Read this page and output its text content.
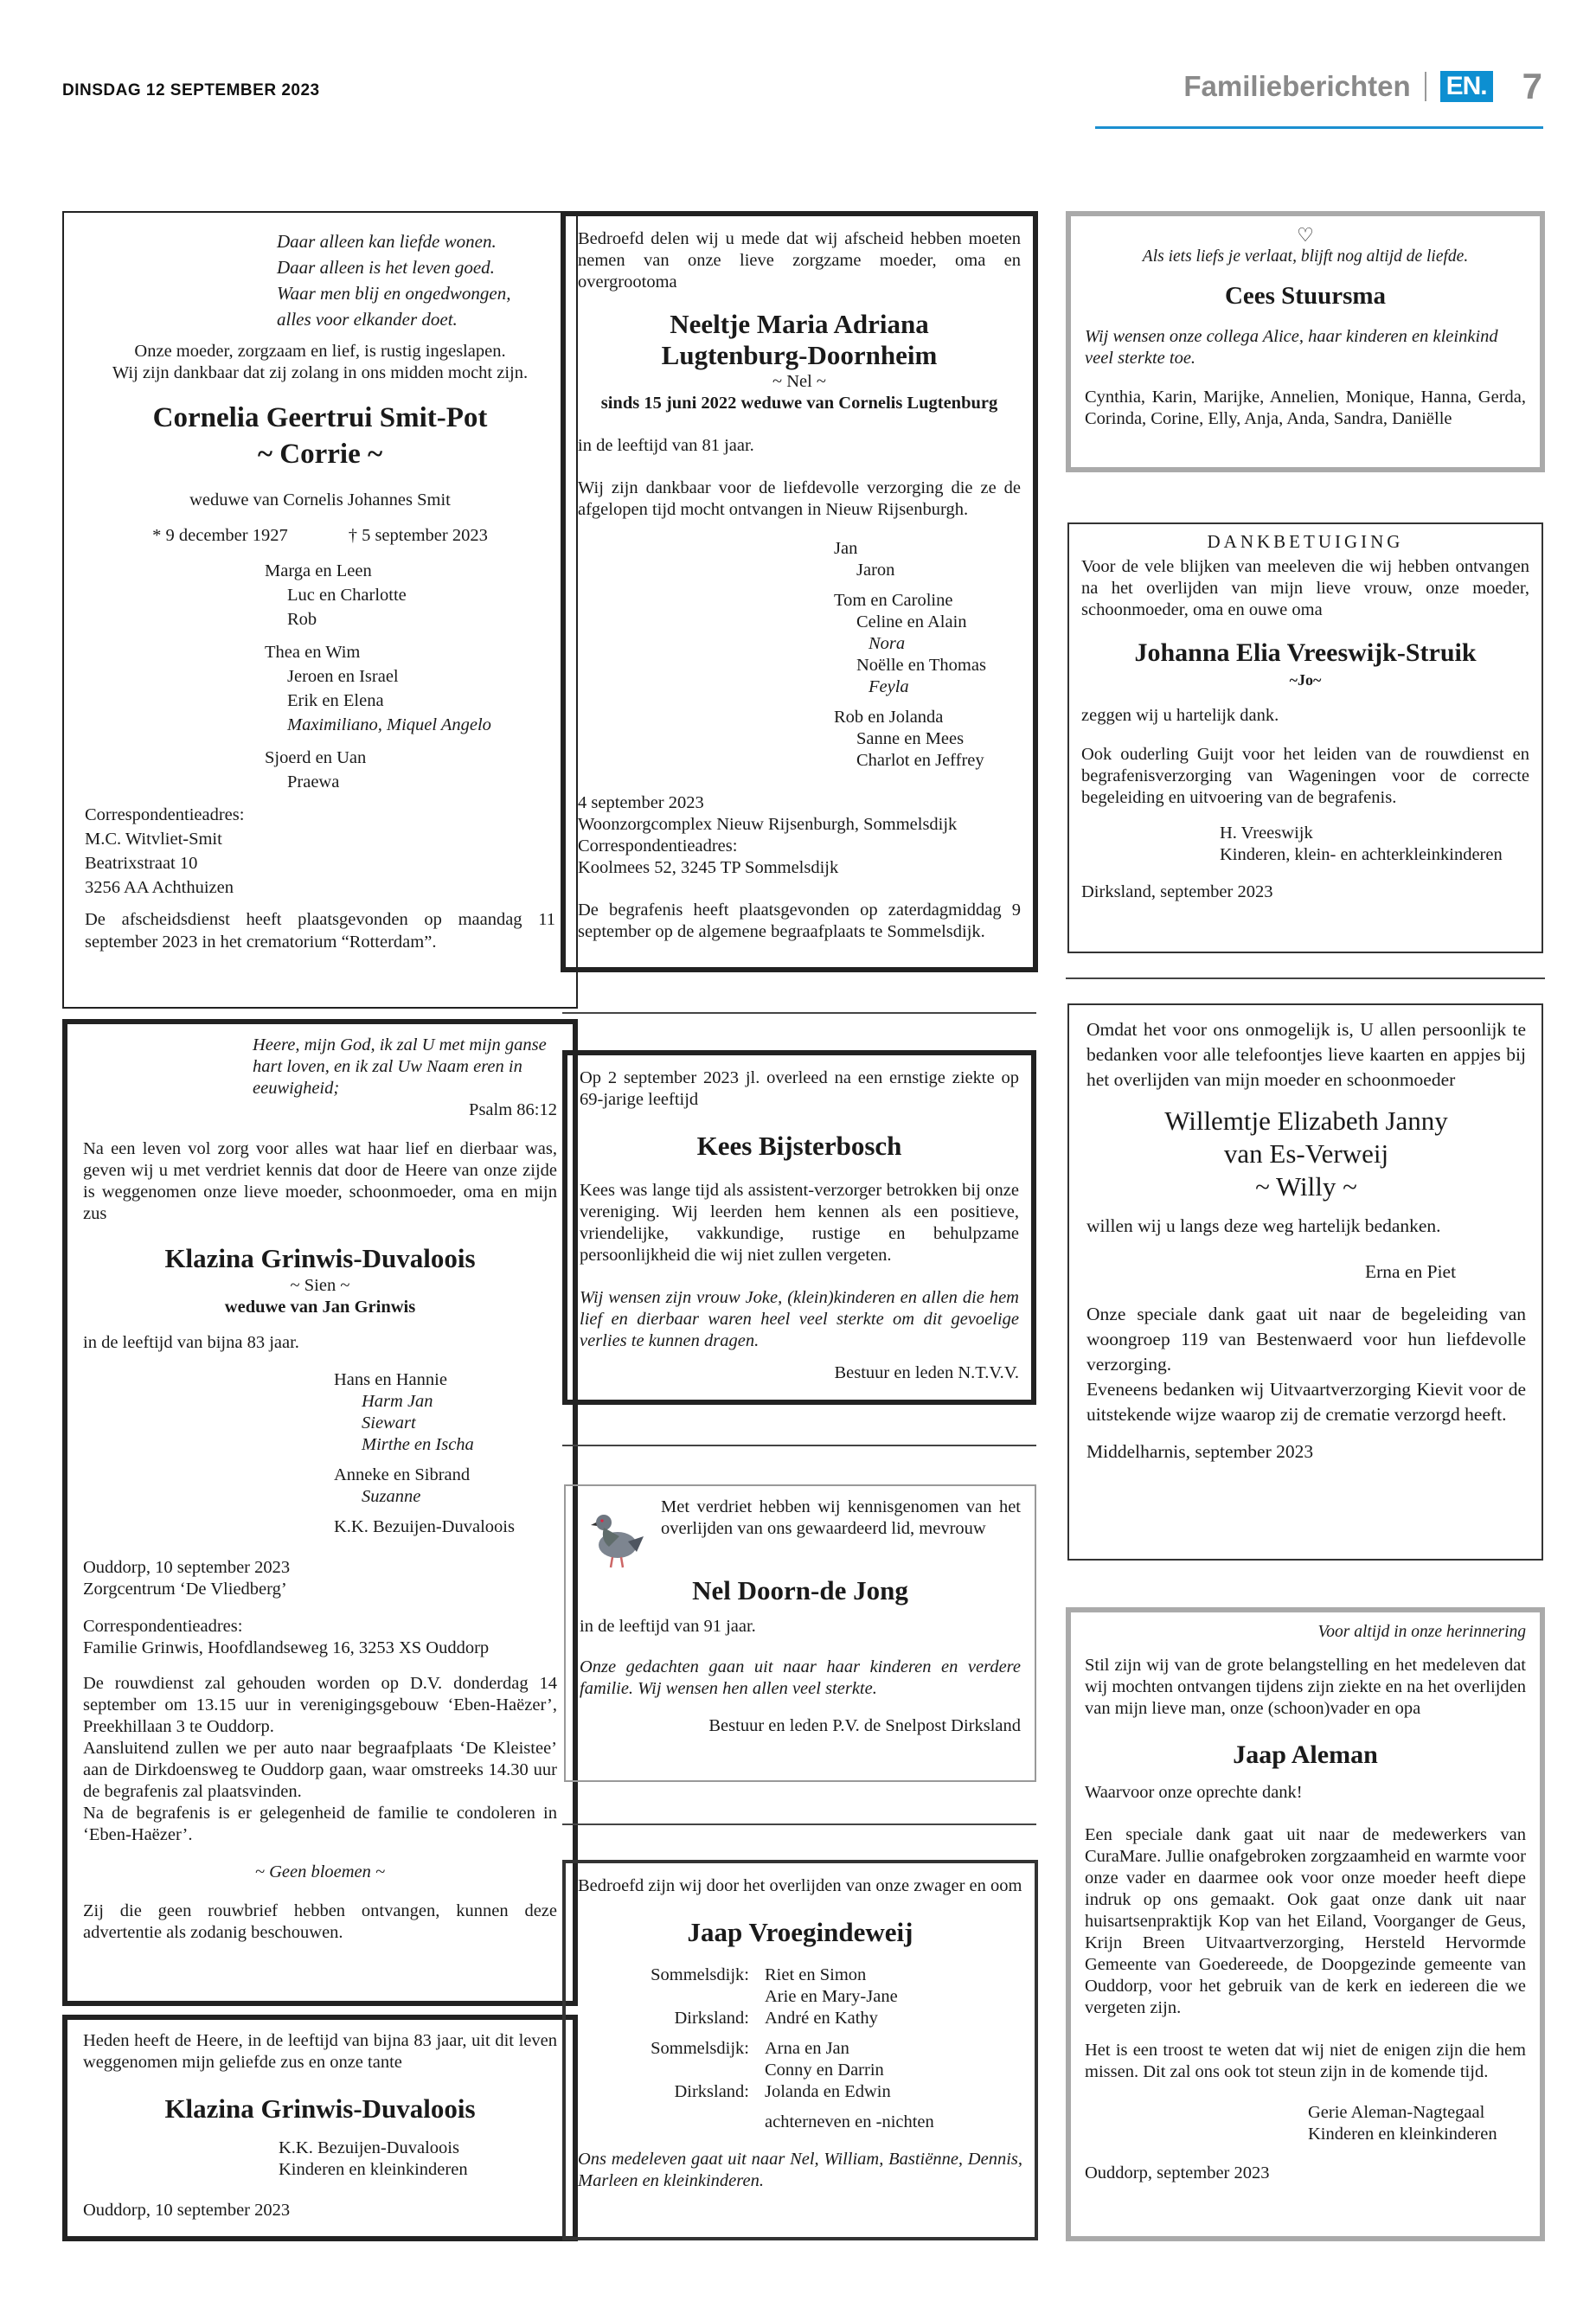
DINSDAG 12 SEPTEMBER 2023	Familieberichten EN. 7

Daar alleen kan liefde wonen.

Daar alleen is het leven goed.

Waar men blij en ongedwongen,

alles voor elkander doet.

Onze moeder, zorgzaam en lief, is rustig ingeslapen.

Wij zijn dankbaar dat zij zolang in ons midden mocht zijn.

Cornelia Geertrui Smit-Pot
~ Corrie ~
weduwe van Cornelis Johannes Smit
* 9 december 1927	† 5 september 2023

Marga en Leen

Luc en Charlotte

Rob

Thea en Wim

Jeroen en Israel

Erik en Elena

Maximiliano, Miquel Angelo

Sjoerd en Uan

Praewa

Correspondentieadres:

M.C. Witvliet-Smit

Beatrixstraat 10

3256 AA Achthuizen

De afscheidsdienst heeft plaatsgevonden op maandag 11 september 2023 in het crematorium “Rotterdam”.

Heere, mijn God, ik zal U met mijn ganse hart loven, en ik zal Uw Naam eren in eeuwigheid;

Psalm 86:12

Na een leven vol zorg voor alles wat haar lief en dierbaar was, geven wij u met verdriet kennis dat door de Heere van onze zijde is weggenomen onze lieve moeder, schoonmoeder, oma en mijn zus

Klazina Grinwis-Duvaloois

~ Sien ~

weduwe van Jan Grinwis

in de leeftijd van bijna 83 jaar.

Hans en Hannie

Harm Jan

Siewart

Mirthe en Ischa

Anneke en Sibrand

Suzanne

K.K. Bezuijen-Duvaloois

Ouddorp, 10 september 2023

Zorgcentrum ‘De Vliedberg’

Correspondentieadres:

Familie Grinwis, Hoofdlandseweg 16, 3253 XS Ouddorp

De rouwdienst zal gehouden worden op D.V. donderdag 14 september om 13.15 uur in verenigingsgebouw ‘Eben-Haëzer’, Preekhillaan 3 te Ouddorp.

Aansluitend zullen we per auto naar begraafplaats ‘De Kleistee’ aan de Dirkdoensweg te Ouddorp gaan, waar omstreeks 14.30 uur de begrafenis zal plaatsvinden.

Na de begrafenis is er gelegenheid de familie te condoleren in ‘Eben-Haëzer’.

~ Geen bloemen ~

Zij die geen rouwbrief hebben ontvangen, kunnen deze advertentie als zodanig beschouwen.

Heden heeft de Heere, in de leeftijd van bijna 83 jaar, uit dit leven weggenomen mijn geliefde zus en onze tante

Klazina Grinwis-Duvaloois

K.K. Bezuijen-Duvaloois

Kinderen en kleinkinderen

Ouddorp, 10 september 2023

Bedroefd delen wij u mede dat wij afscheid hebben moeten nemen van onze lieve zorgzame moeder, oma en overgrootoma

Neeltje Maria Adriana
Lugtenburg-Doornheim

~ Nel ~

sinds 15 juni 2022 weduwe van Cornelis Lugtenburg

in de leeftijd van 81 jaar.

Wij zijn dankbaar voor de liefdevolle verzorging die ze de afgelopen tijd mocht ontvangen in Nieuw Rijsenburgh.

Jan

Jaron

Tom en Caroline

Celine en Alain

Nora

Noëlle en Thomas

Feyla

Rob en Jolanda

Sanne en Mees

Charlot en Jeffrey

4 september 2023

Woonzorgcomplex Nieuw Rijsenburgh, Sommelsdijk

Correspondentieadres:

Koolmees 52, 3245 TP Sommelsdijk

De begrafenis heeft plaatsgevonden op zaterdagmiddag 9 september op de algemene begraafplaats te Sommelsdijk.

Op 2 september 2023 jl. overleed na een ernstige ziekte op 69-jarige leeftijd

Kees Bijsterbosch

Kees was lange tijd als assistent-verzorger betrokken bij onze vereniging. Wij leerden hem kennen als een positieve, vriendelijke, vakkundige, rustige en behulpzame persoonlijkheid die wij niet zullen vergeten.

Wij wensen zijn vrouw Joke, (klein)kinderen en allen die hem lief en dierbaar waren heel veel sterkte om dit gevoelige verlies te kunnen dragen.

Bestuur en leden N.T.V.V.

Met verdriet hebben wij kennisgenomen van het overlijden van ons gewaardeerd lid, mevrouw

Nel Doorn-de Jong

in de leeftijd van 91 jaar.

Onze gedachten gaan uit naar haar kinderen en verdere familie. Wij wensen hen allen veel sterkte.

Bestuur en leden P.V. de Snelpost Dirksland

Bedroefd zijn wij door het overlijden van onze zwager en oom

Jaap Vroegindeweij
Sommelsdijk: Riet en Simon
Arie en Mary-Jane
Dirksland: André en Kathy
Sommelsdijk: Arna en Jan
Conny en Darrin
Dirksland: Jolanda en Edwin
achterneven en -nichten

Ons medeleven gaat uit naar Nel, William, Bastiënne, Dennis, Marleen en kleinkinderen.

♡

Als iets liefs je verlaat, blijft nog altijd de liefde.

Cees Stuursma

Wij wensen onze collega Alice, haar kinderen en kleinkind veel sterkte toe.

Cynthia, Karin, Marijke, Annelien, Monique, Hanna, Gerda, Corinda, Corine, Elly, Anja, Anda, Sandra, Daniëlle

DANKBETUIGING

Voor de vele blijken van meeleven die wij hebben ontvangen na het overlijden van mijn lieve vrouw, onze moeder, schoonmoeder, oma en ouwe oma

Johanna Elia Vreeswijk-Struik

~Jo~

zeggen wij u hartelijk dank.

Ook ouderling Guijt voor het leiden van de rouwdienst en begrafenisverzorging van Wageningen voor de correcte begeleiding en uitvoering van de begrafenis.

H. Vreeswijk

Kinderen, klein- en achterkleinkinderen

Dirksland, september 2023

Omdat het voor ons onmogelijk is, U allen persoonlijk te bedanken voor alle telefoontjes lieve kaarten en appjes bij het overlijden van mijn moeder en schoonmoeder

Willemtje Elizabeth Janny
van Es-Verweij
~ Willy ~

willen wij u langs deze weg hartelijk bedanken.

Erna en Piet

Onze speciale dank gaat uit naar de begeleiding van woongroep 119 van Bestenwaerd voor hun liefdevolle verzorging.

Eveneens bedanken wij Uitvaartverzorging Kievit voor de uitstekende wijze waarop zij de crematie verzorgd heeft.

Middelharnis, september 2023

Voor altijd in onze herinnering

Stil zijn wij van de grote belangstelling en het medeleven dat wij mochten ontvangen tijdens zijn ziekte en na het overlijden van mijn lieve man, onze (schoon)vader en opa

Jaap Aleman

Waarvoor onze oprechte dank!

Een speciale dank gaat uit naar de medewerkers van CuraMare. Jullie onafgebroken zorgzaamheid en warmte voor onze vader en daarmee ook voor onze moeder heeft diepe indruk op ons gemaakt. Ook gaat onze dank uit naar huisartsenpraktijk Kop van het Eiland, Voorganger de Geus, Krijn Breen Uitvaartverzorging, Hersteld Hervormde Gemeente van Goedereede, de Doopgezinde gemeente van Ouddorp, voor het gebruik van de kerk en iedereen die we vergeten zijn.

Het is een troost te weten dat wij niet de enigen zijn die hem missen. Dit zal ons ook tot steun zijn in de komende tijd.

Gerie Aleman-Nagtegaal

Kinderen en kleinkinderen

Ouddorp, september 2023
